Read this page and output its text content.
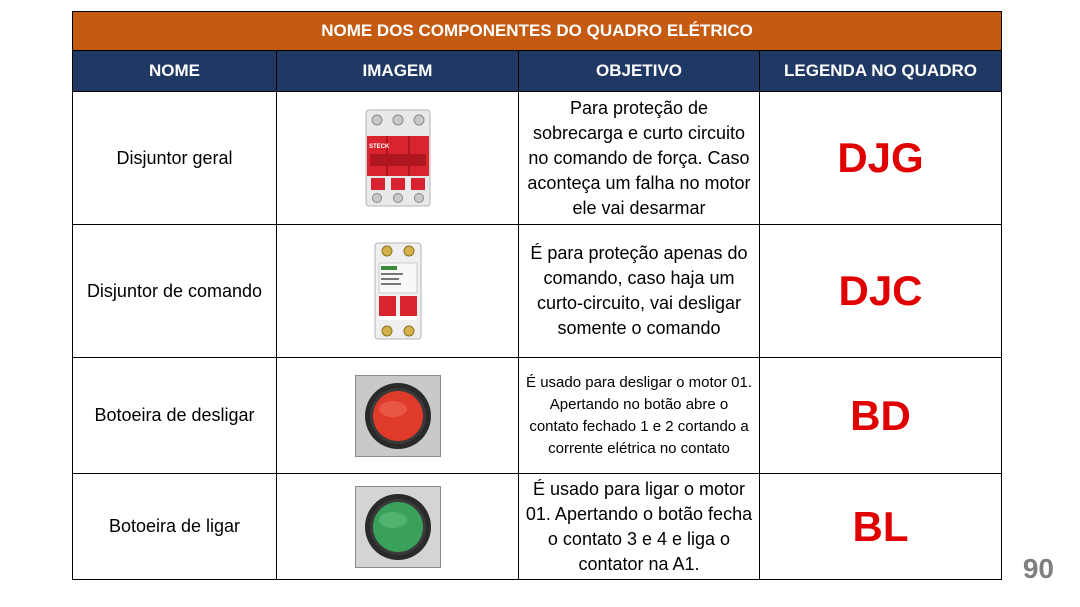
NOME DOS COMPONENTES DO QUADRO ELÉTRICO			
NOME	IMAGEM	OBJETIVO	LEGENDA NO QUADRO
Disjuntor geral	STECK	Para proteção de sobrecarga e curto circuito no comando de força. Caso aconteça um falha no motor ele vai desarmar	DJG
Disjuntor de comando		É para proteção apenas do comando, caso haja um curto-circuito, vai desligar somente o comando	DJC
Botoeira de desligar		É usado para desligar o motor 01. Apertando no botão abre o contato fechado 1 e 2 cortando a corrente elétrica no contato	BD
Botoeira de ligar		É usado para ligar o motor 01. Apertando o botão fecha o contato 3 e 4 e liga o contator na A1.	BL
90
